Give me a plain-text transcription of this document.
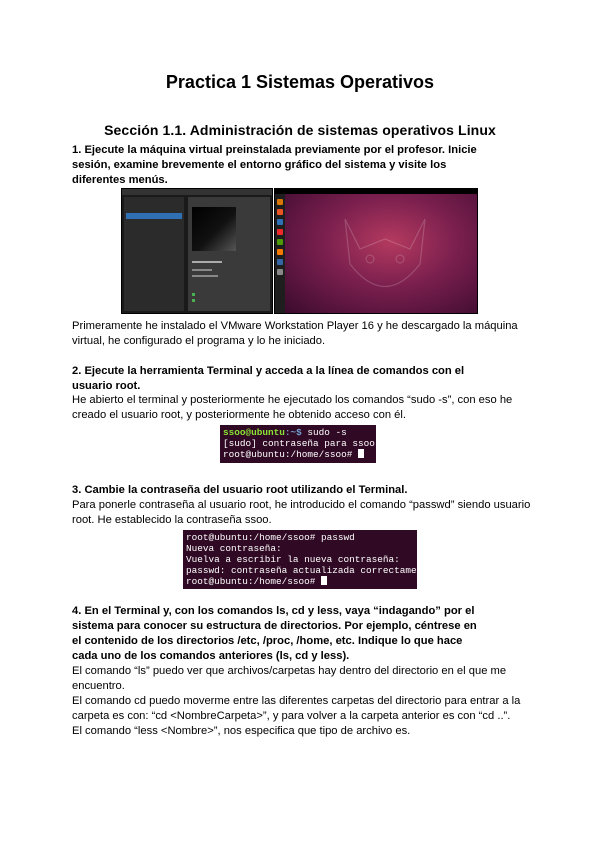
Practica 1 Sistemas Operativos
Sección 1.1. Administración de sistemas operativos Linux
1. Ejecute la máquina virtual preinstalada previamente por el profesor. Inicie
sesión, examine brevemente el entorno gráfico del sistema y visite los
diferentes menús.
Primeramente he instalado el VMware Workstation Player 16 y he descargado la máquina
virtual, he configurado el programa y lo he iniciado.
2. Ejecute la herramienta Terminal y acceda a la línea de comandos con el
usuario root.
He abierto el terminal y posteriormente he ejecutado los comandos “sudo -s”, con eso he
creado el usuario root, y posteriormente he obtenido acceso con él.
ssoo@ubuntu:~$ sudo -s
[sudo] contraseña para ssoo:
root@ubuntu:/home/ssoo#
3. Cambie la contraseña del usuario root utilizando el Terminal.
Para ponerle contraseña al usuario root, he introducido el comando “passwd” siendo usuario
root. He establecido la contraseña ssoo.
root@ubuntu:/home/ssoo# passwd
Nueva contraseña:
Vuelva a escribir la nueva contraseña:
passwd: contraseña actualizada correctamente
root@ubuntu:/home/ssoo#
4. En el Terminal y, con los comandos ls, cd y less, vaya “indagando” por el
sistema para conocer su estructura de directorios. Por ejemplo, céntrese en
el contenido de los directorios /etc, /proc, /home, etc. Indique lo que hace
cada uno de los comandos anteriores (ls, cd y less).
El comando “ls” puedo ver que archivos/carpetas hay dentro del directorio en el que me
encuentro.
El comando cd puedo moverme entre las diferentes carpetas del directorio para entrar a la
carpeta es con: “cd <NombreCarpeta>”, y para volver a la carpeta anterior es con “cd ..”.
El comando “less <Nombre>”, nos especifica que tipo de archivo es.
